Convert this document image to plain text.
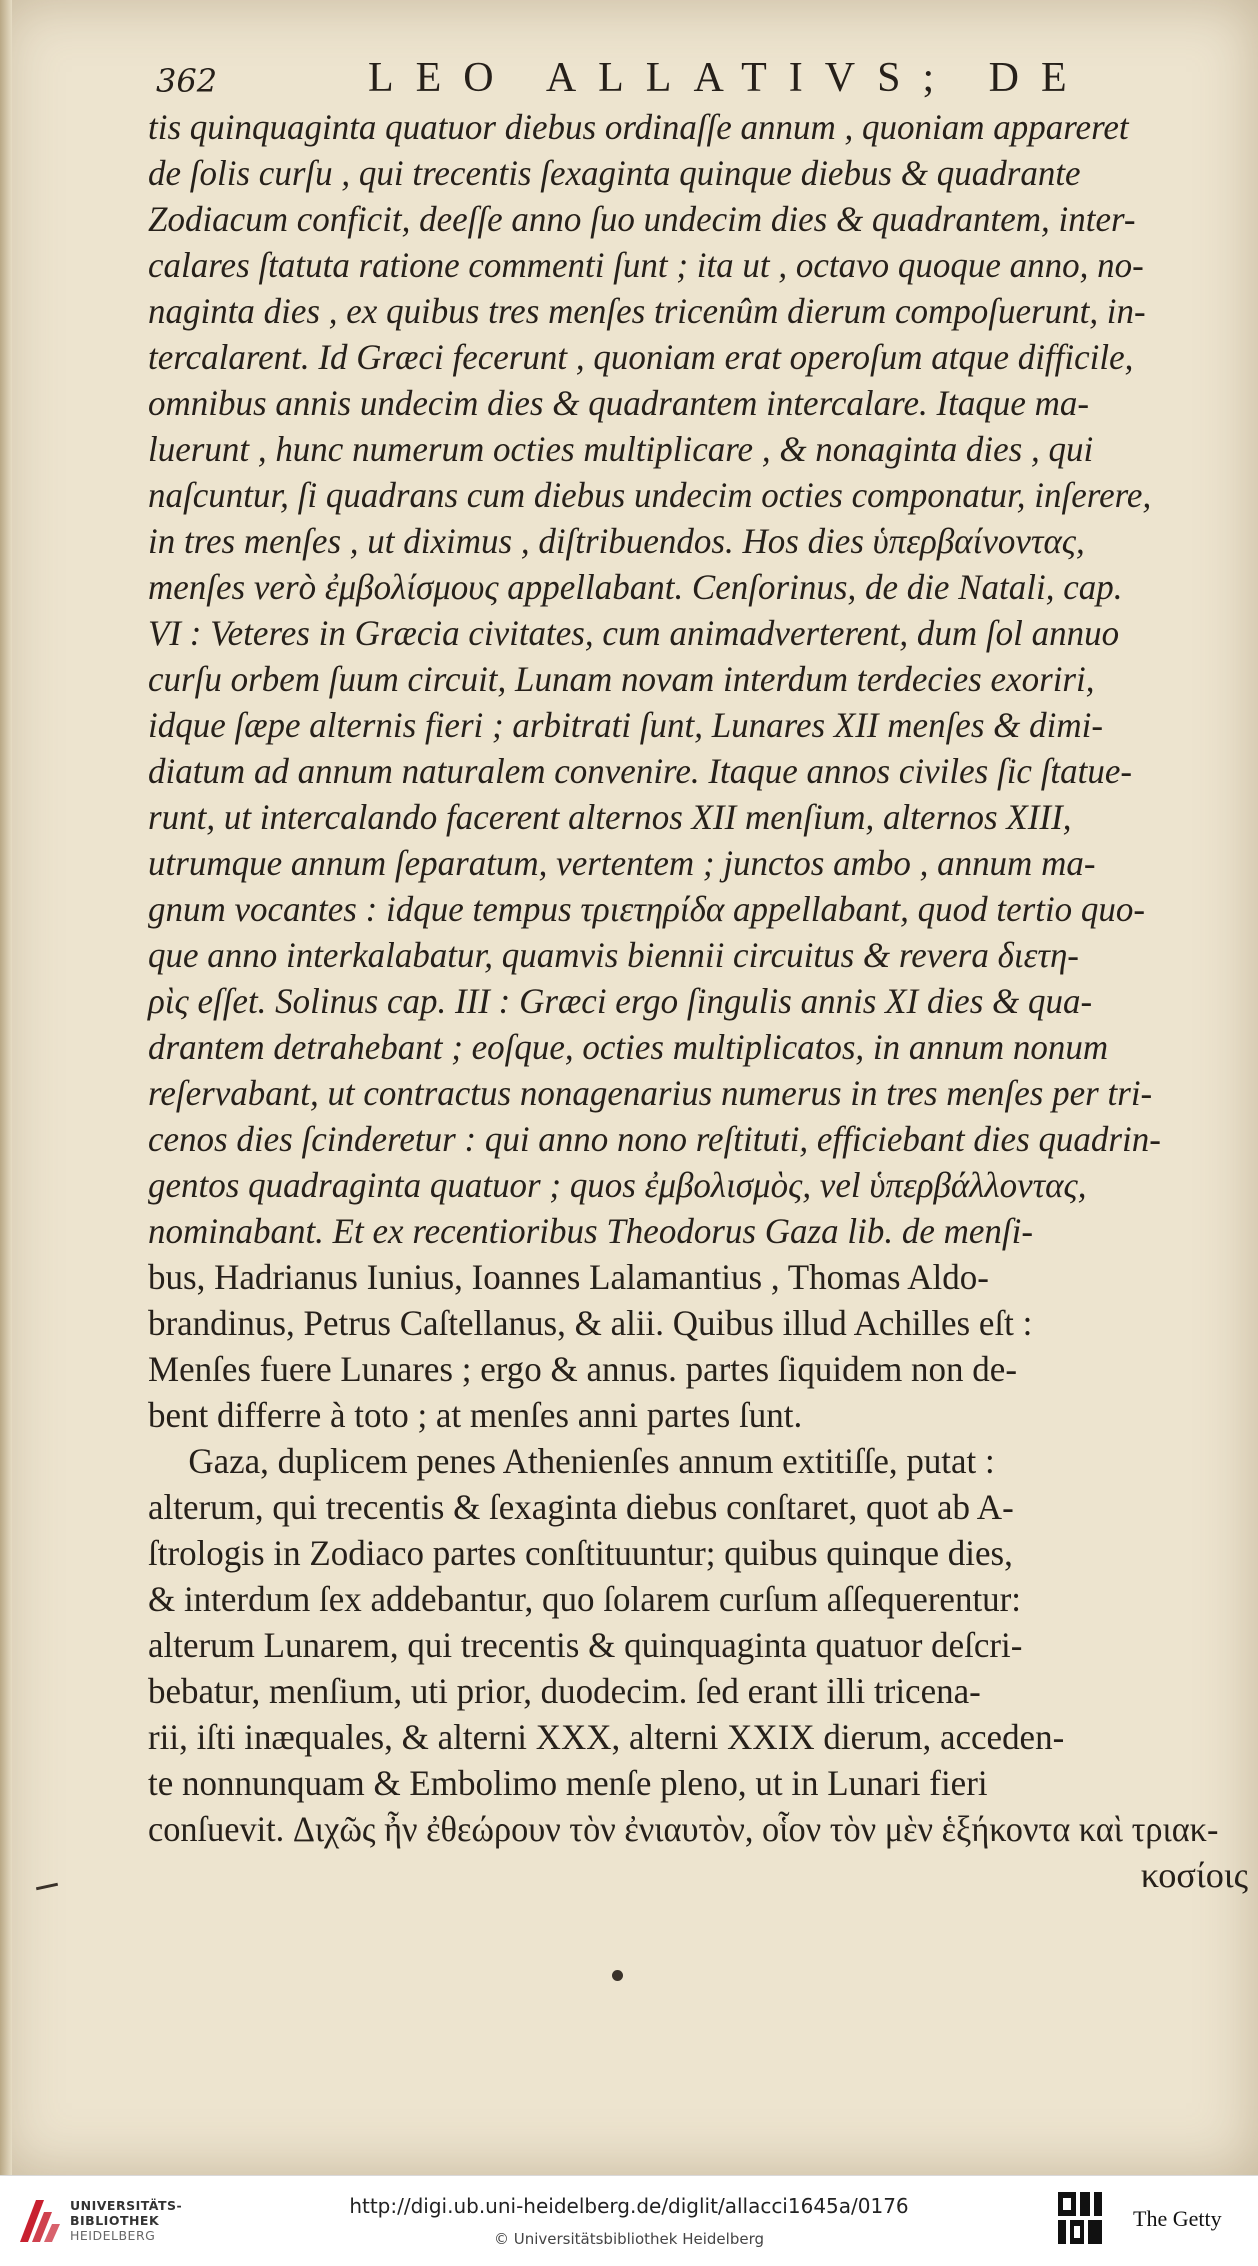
362	LEO ALLATIVS; DE
tis quinquaginta quatuor diebus ordinaſſe annum , quoniam appareret
de ſolis curſu , qui trecentis ſexaginta quinque diebus & quadrante
Zodiacum conficit, deeſſe anno ſuo undecim dies & quadrantem, inter-
calares ſtatuta ratione commenti ſunt ; ita ut , octavo quoque anno, no-
naginta dies , ex quibus tres menſes tricenûm dierum compoſuerunt, in-
tercalarent. Id Græci fecerunt , quoniam erat operoſum atque difficile,
omnibus annis undecim dies & quadrantem intercalare. Itaque ma-
luerunt , hunc numerum octies multiplicare , & nonaginta dies , qui
naſcuntur, ſi quadrans cum diebus undecim octies componatur, inſerere,
in tres menſes , ut diximus , diſtribuendos. Hos dies ὑπερβαίνοντας,
menſes verò ἐμβολίσμους appellabant. Cenſorinus, de die Natali, cap.
VI : Veteres in Græcia civitates, cum animadverterent, dum ſol annuo
curſu orbem ſuum circuit, Lunam novam interdum terdecies exoriri,
idque ſæpe alternis fieri ; arbitrati ſunt, Lunares XII menſes & dimi-
diatum ad annum naturalem convenire. Itaque annos civiles ſic ſtatue-
runt, ut intercalando facerent alternos XII menſium, alternos XIII,
utrumque annum ſeparatum, vertentem ; junctos ambo , annum ma-
gnum vocantes : idque tempus τριετηρίδα appellabant, quod tertio quo-
que anno interkalabatur, quamvis biennii circuitus & revera διετη-
ρὶς eſſet. Solinus cap. III : Græci ergo ſingulis annis XI dies & qua-
drantem detrahebant ; eoſque, octies multiplicatos, in annum nonum
reſervabant, ut contractus nonagenarius numerus in tres menſes per tri-
cenos dies ſcinderetur : qui anno nono reſtituti, efficiebant dies quadrin-
gentos quadraginta quatuor ; quos ἐμβολισμὸς, vel ὑπερβάλλοντας,
nominabant. Et ex recentioribus Theodorus Gaza lib. de menſi-
bus, Hadrianus Iunius, Ioannes Lalamantius , Thomas Aldo-
brandinus, Petrus Caſtellanus, & alii. Quibus illud Achilles eſt :
Menſes fuere Lunares ; ergo & annus. partes ſiquidem non de-
bent differre à toto ; at menſes anni partes ſunt.
Gaza, duplicem penes Athenienſes annum extitiſſe, putat :
alterum, qui trecentis & ſexaginta diebus conſtaret, quot ab A-
ſtrologis in Zodiaco partes conſtituuntur; quibus quinque dies,
& interdum ſex addebantur, quo ſolarem curſum aſſequerentur:
alterum Lunarem, qui trecentis & quinquaginta quatuor deſcri-
bebatur, menſium, uti prior, duodecim. ſed erant illi tricena-
rii, iſti inæquales, & alterni XXX, alterni XXIX dierum, acceden-
te nonnunquam & Embolimo menſe pleno, ut in Lunari fieri
conſuevit. Διχῶς ἦν ἐθεώρουν τὸν ἐνιαυτὸν, οἷον τὸν μὲν ἑξήκοντα καὶ τριακ-
κοσίοις
UNIVERSITÄTS-
BIBLIOTHEK
HEIDELBERG
http://digi.ub.uni-heidelberg.de/diglit/allacci1645a/0176
© Universitätsbibliothek Heidelberg
The Getty
